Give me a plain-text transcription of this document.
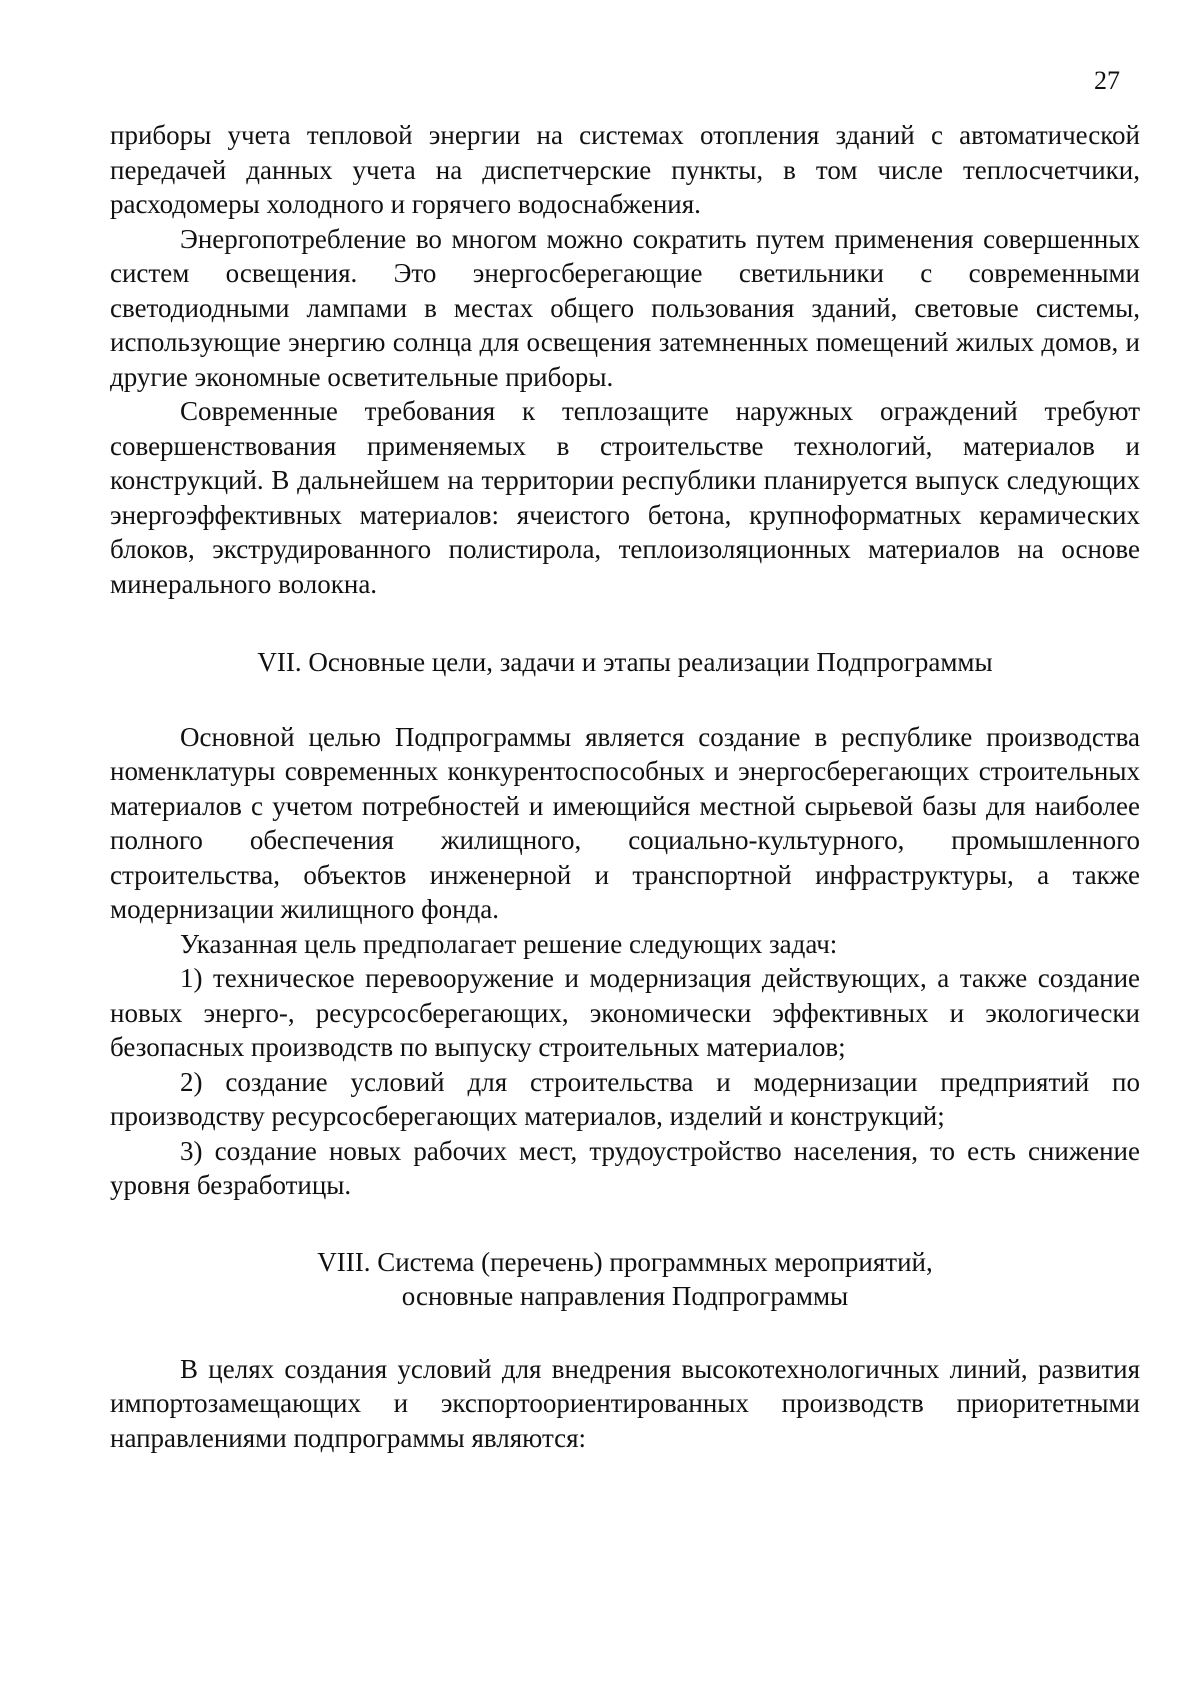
27

приборы учета тепловой энергии на системах отопления зданий с автоматической передачей данных учета на диспетчерские пункты, в том числе теплосчетчики, расходомеры холодного и горячего водоснабжения.

Энергопотребление во многом можно сократить путем применения совершенных систем освещения. Это энергосберегающие светильники с современными светодиодными лампами в местах общего пользования зданий, световые системы, использующие энергию солнца для освещения затемненных помещений жилых домов, и другие экономные осветительные приборы.

Современные требования к теплозащите наружных ограждений требуют совершенствования применяемых в строительстве технологий, материалов и конструкций. В дальнейшем на территории республики планируется выпуск следующих энергоэффективных материалов: ячеистого бетона, крупноформатных керамических блоков, экструдированного полистирола, теплоизоляционных материалов на основе минерального волокна.

VII. Основные цели, задачи и этапы реализации Подпрограммы

Основной целью Подпрограммы является создание в республике производства номенклатуры современных конкурентоспособных и энергосберегающих строительных материалов с учетом потребностей и имеющийся местной сырьевой базы для наиболее полного обеспечения жилищного, социально-культурного, промышленного строительства, объектов инженерной и транспортной инфраструктуры, а также модернизации жилищного фонда.

Указанная цель предполагает решение следующих задач:

1) техническое перевооружение и модернизация действующих, а также создание новых энерго-, ресурсосберегающих, экономически эффективных и экологически безопасных производств по выпуску строительных материалов;

2) создание условий для строительства и модернизации предприятий по производству ресурсосберегающих материалов, изделий и конструкций;

3) создание новых рабочих мест, трудоустройство населения, то есть снижение уровня безработицы.

VIII. Система (перечень) программных мероприятий,
основные направления Подпрограммы

В целях создания условий для внедрения высокотехнологичных линий, развития импортозамещающих и экспортоориентированных производств приоритетными направлениями подпрограммы являются:
